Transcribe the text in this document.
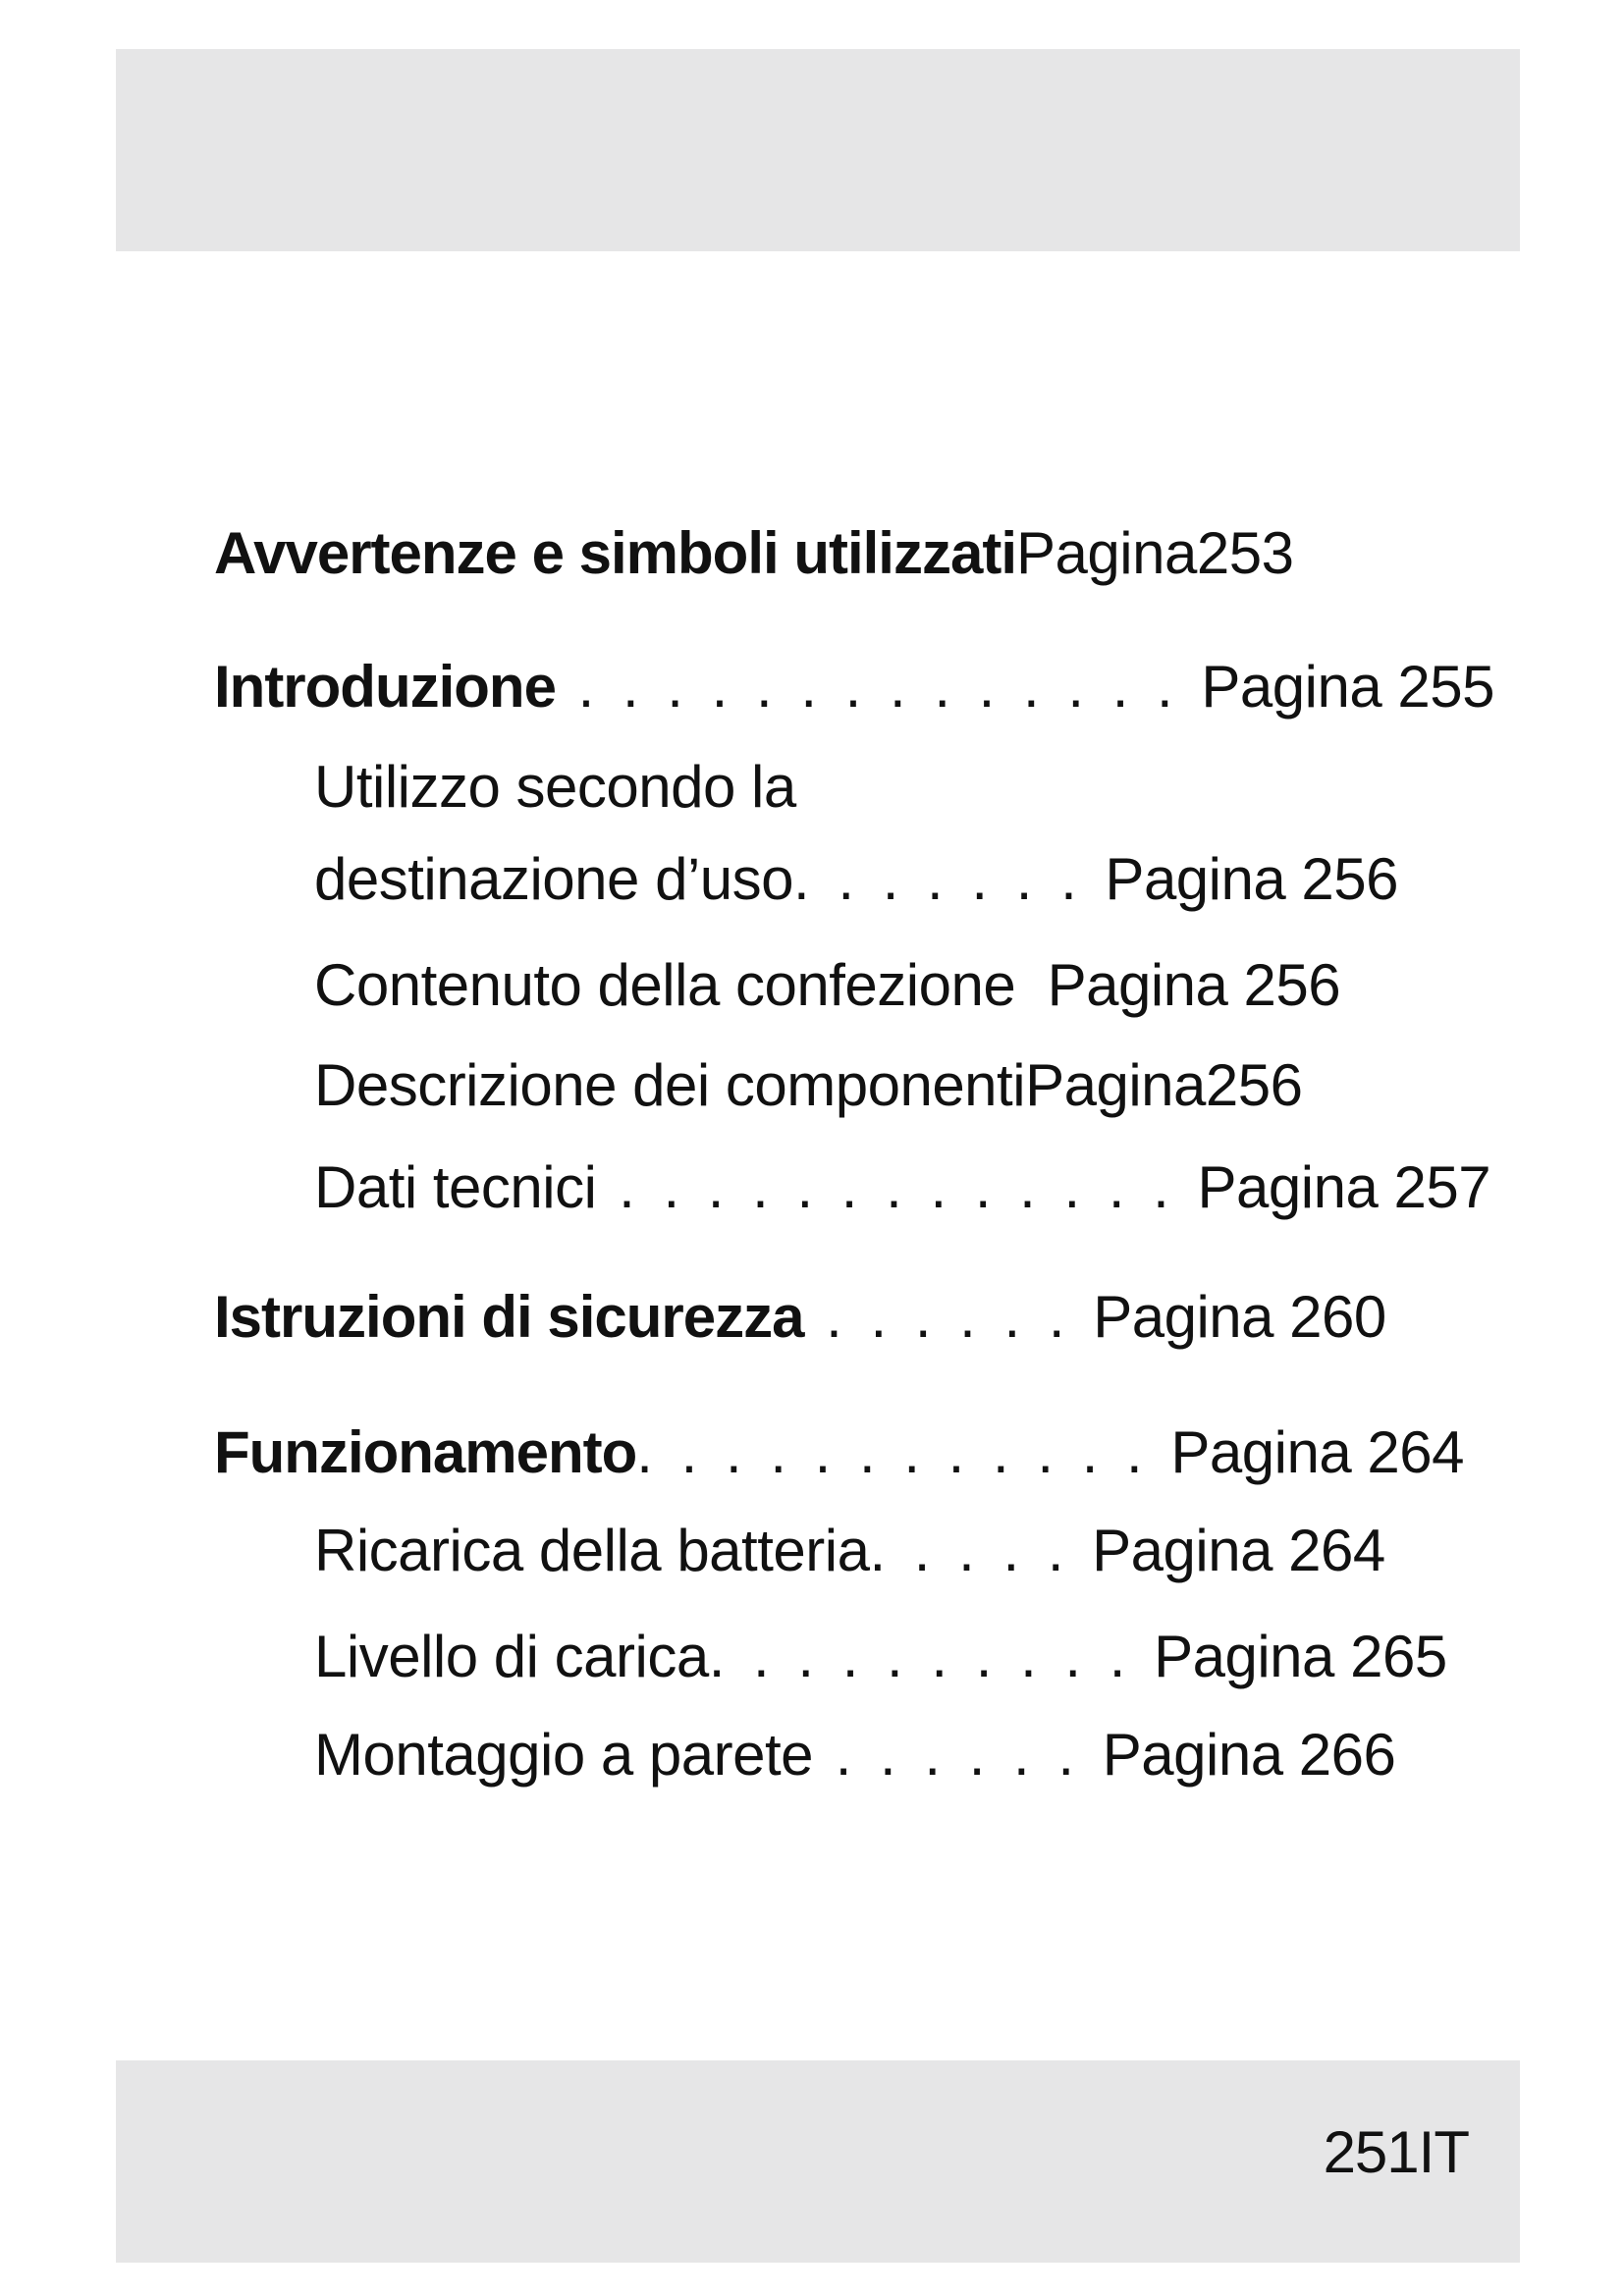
Avvertenze e simboli utilizzatiPagina253
Introduzione . . . . . . . . . . . . . . Pagina 255
Utilizzo secondo la
destinazione d’uso. . . . . . . Pagina 256
Contenuto della confezione Pagina 256
Descrizione dei componentiPagina256
Dati tecnici . . . . . . . . . . . . . Pagina 257
Istruzioni di sicurezza . . . . . . Pagina 260
Funzionamento. . . . . . . . . . . . Pagina 264
Ricarica della batteria. . . . . Pagina 264
Livello di carica. . . . . . . . . . Pagina 265
Montaggio a parete . . . . . . Pagina 266
251IT
